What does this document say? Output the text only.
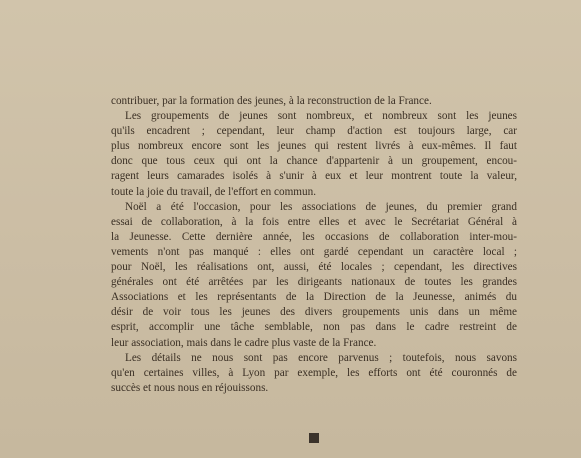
contribuer, par la formation des jeunes, à la reconstruction de la France.
Les groupements de jeunes sont nombreux, et nombreux sont les jeunes
qu'ils encadrent ; cependant, leur champ d'action est toujours large, car
plus nombreux encore sont les jeunes qui restent livrés à eux-mêmes. Il faut
donc que tous ceux qui ont la chance d'appartenir à un groupement, encou-
ragent leurs camarades isolés à s'unir à eux et leur montrent toute la valeur,
toute la joie du travail, de l'effort en commun.
Noël a été l'occasion, pour les associations de jeunes, du premier grand
essai de collaboration, à la fois entre elles et avec le Secrétariat Général à
la Jeunesse. Cette dernière année, les occasions de collaboration inter-mou-
vements n'ont pas manqué : elles ont gardé cependant un caractère local ;
pour Noël, les réalisations ont, aussi, été locales ; cependant, les directives
générales ont été arrêtées par les dirigeants nationaux de toutes les grandes
Associations et les représentants de la Direction de la Jeunesse, animés du
désir de voir tous les jeunes des divers groupements unis dans un même
esprit, accomplir une tâche semblable, non pas dans le cadre restreint de
leur association, mais dans le cadre plus vaste de la France.
Les détails ne nous sont pas encore parvenus ; toutefois, nous savons
qu'en certaines villes, à Lyon par exemple, les efforts ont été couronnés de
succès et nous nous en réjouissons.
